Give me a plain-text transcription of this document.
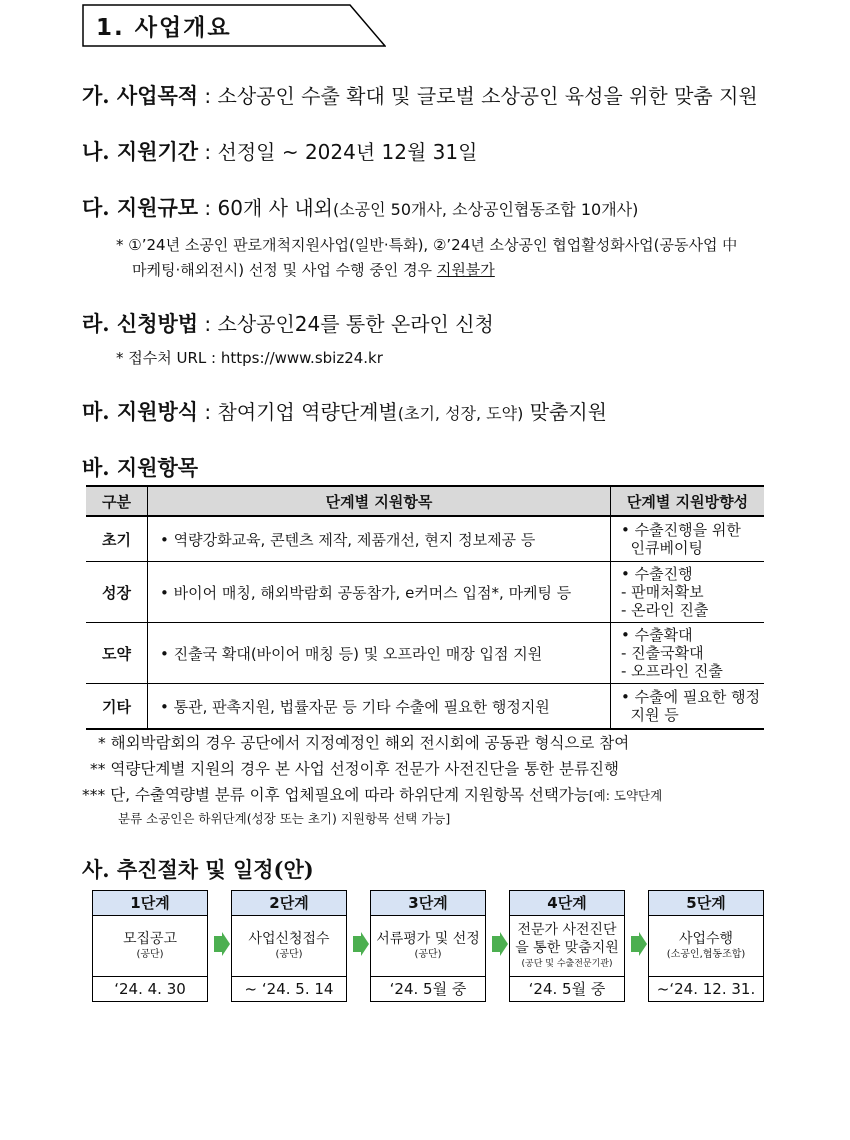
1. 사업개요
가. 사업목적 : 소상공인 수출 확대 및 글로벌 소상공인 육성을 위한 맞춤 지원
나. 지원기간 : 선정일 ~ 2024년 12월 31일
다. 지원규모 : 60개 사 내외(소공인 50개사, 소상공인협동조합 10개사)
* ①’24년 소공인 판로개척지원사업(일반·특화), ②’24년 소상공인 협업활성화사업(공동사업 中
마케팅·해외전시) 선정 및 사업 수행 중인 경우 지원불가
라. 신청방법 : 소상공인24를 통한 온라인 신청
* 접수처 URL : https://www.sbiz24.kr
마. 지원방식 : 참여기업 역량단계별(초기, 성장, 도약) 맞춤지원
바. 지원항목
구분	단계별 지원항목	단계별 지원방향성
초기	• 역량강화교육, 콘텐츠 제작, 제품개선, 현지 정보제공 등	• 수출진행을 위한
인큐베이팅

성장	• 바이어 매칭, 해외박람회 공동참가, e커머스 입점*, 마케팅 등	• 수출진행
- 판매처확보
- 온라인 진출

도약	• 진출국 확대(바이어 매칭 등) 및 오프라인 매장 입점 지원	• 수출확대
- 진출국확대
- 오프라인 진출

기타	• 통관, 판촉지원, 법률자문 등 기타 수출에 필요한 행정지원	• 수출에 필요한 행정
지원 등
* 해외박람회의 경우 공단에서 지정예정인 해외 전시회에 공동관 형식으로 참여
** 역량단계별 지원의 경우 본 사업 선정이후 전문가 사전진단을 통한 분류진행
*** 단, 수출역량별 분류 이후 업체필요에 따라 하위단계 지원항목 선택가능[예: 도약단계
분류 소공인은 하위단계(성장 또는 초기) 지원항목 선택 가능]
사. 추진절차 및 일정(안)
1단계
모집공고
(공단)
‘24. 4. 30
2단계
사업신청접수
(공단)
~ ‘24. 5. 14
3단계
서류평가 및 선정
(공단)
‘24. 5월 중
4단계
전문가 사전진단을 통한 맞춤지원
(공단 및 수출전문기관)
‘24. 5월 중
5단계
사업수행
(소공인,협동조합)
~‘24. 12. 31.
